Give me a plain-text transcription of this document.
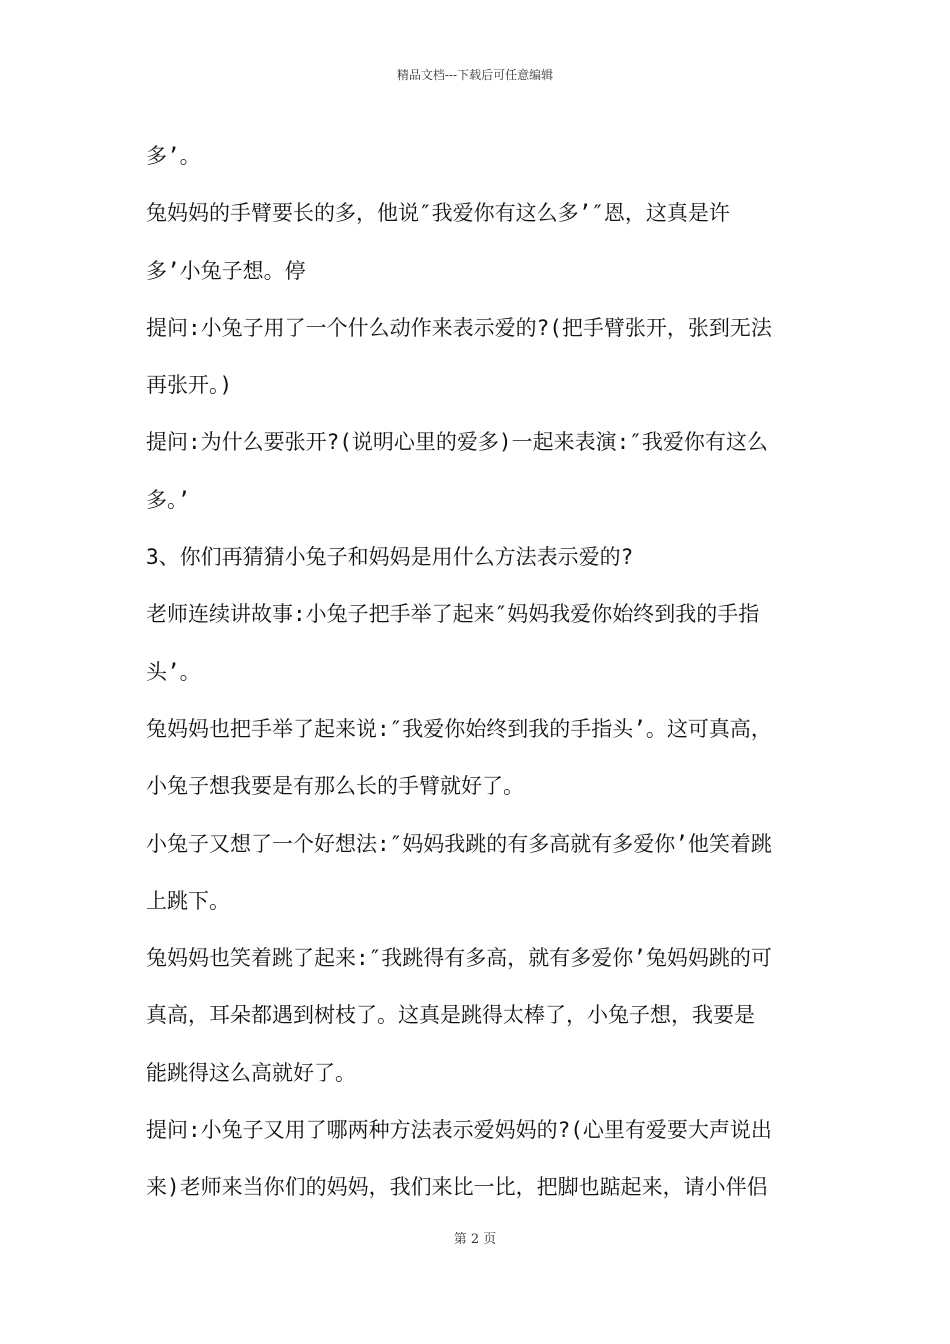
精品文档---下载后可任意编辑

多’。

兔妈妈的手臂要长的多，他说″我爱你有这么多’″恩，这真是许

多’小兔子想。停

提问:小兔子用了一个什么动作来表示爱的?(把手臂张开，张到无法

再张开。)

提问:为什么要张开?(说明心里的爱多)一起来表演:″我爱你有这么

多。’

3、你们再猜猜小兔子和妈妈是用什么方法表示爱的?

老师连续讲故事:小兔子把手举了起来″妈妈我爱你始终到我的手指

头’。

兔妈妈也把手举了起来说:″我爱你始终到我的手指头’。这可真高，

小兔子想我要是有那么长的手臂就好了。

小兔子又想了一个好想法:″妈妈我跳的有多高就有多爱你’他笑着跳

上跳下。

兔妈妈也笑着跳了起来:″我跳得有多高，就有多爱你’兔妈妈跳的可

真高，耳朵都遇到树枝了。这真是跳得太棒了，小兔子想，我要是

能跳得这么高就好了。

提问:小兔子又用了哪两种方法表示爱妈妈的?(心里有爱要大声说出

来)老师来当你们的妈妈，我们来比一比，把脚也踮起来，请小伴侣

第 2 页
